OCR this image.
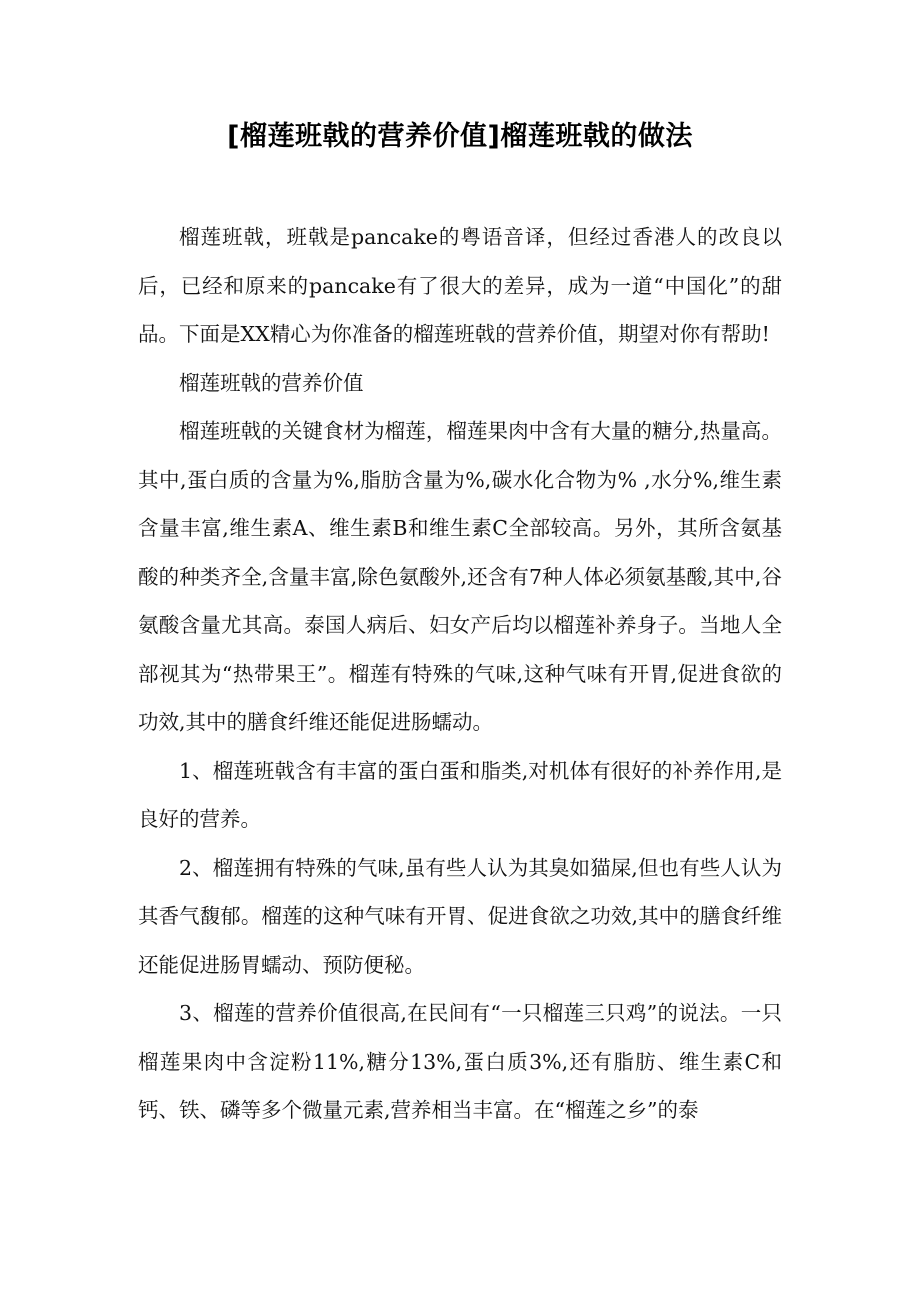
[榴莲班戟的营养价值]榴莲班戟的做法

榴莲班戟，班戟是pancake的粤语音译，但经过香港人的改良以后，已经和原来的pancake有了很大的差异，成为一道“中国化”的甜品。下面是XX精心为你准备的榴莲班戟的营养价值，期望对你有帮助!

榴莲班戟的营养价值

榴莲班戟的关键食材为榴莲，榴莲果肉中含有大量的糖分,热量高。其中,蛋白质的含量为%,脂肪含量为%,碳水化合物为% ,水分%,维生素含量丰富,维生素A、维生素B和维生素C全部较高。另外，其所含氨基酸的种类齐全,含量丰富,除色氨酸外,还含有7种人体必须氨基酸,其中,谷氨酸含量尤其高。泰国人病后、妇女产后均以榴莲补养身子。当地人全部视其为“热带果王”。榴莲有特殊的气味,这种气味有开胃,促进食欲的功效,其中的膳食纤维还能促进肠蠕动。

1、榴莲班戟含有丰富的蛋白蛋和脂类,对机体有很好的补养作用,是良好的营养。

2、榴莲拥有特殊的气味,虽有些人认为其臭如猫屎,但也有些人认为其香气馥郁。榴莲的这种气味有开胃、促进食欲之功效,其中的膳食纤维还能促进肠胃蠕动、预防便秘。

3、榴莲的营养价值很高,在民间有“一只榴莲三只鸡”的说法。一只榴莲果肉中含淀粉11%,糖分13%,蛋白质3%,还有脂肪、维生素C和钙、铁、磷等多个微量元素,营养相当丰富。在“榴莲之乡”的泰
